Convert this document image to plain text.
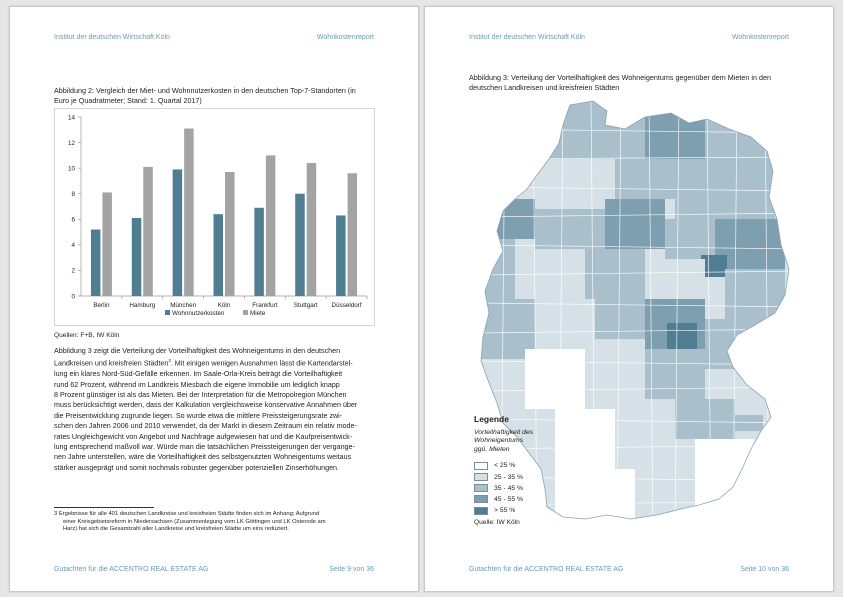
Institut der deutschen Wirtschaft Köln	Wohnkostenreport
Abbildung 2: Vergleich der Miet- und Wohnnutzerkosten in den deutschen Top-7-Standorten (in
Euro je Quadratmeter; Stand: 1. Quartal 2017)
0
2
4
6
8
10
12
14
Berlin	Hamburg München	Köln	Frankfurt	Stuttgart Düsseldorf
Wohnnutzerkosten	Miete
Quellen: F+B, IW Köln
Abbildung 3 zeigt die Verteilung der Vorteilhaftigkeit des Wohneigentums in den deutschen
Landkreisen und kreisfreien Städten$^3$. Mit einigen wenigen Ausnahmen lässt die Kartendarstel-
lung ein klares Nord-Süd-Gefälle erkennen. Im Saale-Orla-Kreis beträgt die Vorteilhaftigkeit
rund 62 Prozent, während im Landkreis Miesbach die eigene Immobilie um lediglich knapp
8 Prozent günstiger ist als das Mieten. Bei der Interpretation für die Metropolregion München
muss berücksichtigt werden, dass der Kalkulation vergleichsweise konservative Annahmen über
die Preisentwicklung zugrunde liegen. So wurde etwa die mittlere Preissteigerungsrate zwi-
schen den Jahren 2006 und 2010 verwendet, da der Markt in diesem Zeitraum ein relativ mode-
rates Ungleichgewicht von Angebot und Nachfrage aufgewiesen hat und die Kaufpreisentwick-
lung entsprechend maßvoll war. Würde man die tatsächlichen Preissteigerungen der vergange-
nen Jahre unterstellen, wäre die Vorteilhaftigkeit des selbstgenutzten Wohneigentums weitaus
stärker ausgeprägt und somit nochmals robuster gegenüber potenziellen Zinserhöhungen.
3 Ergebnisse für alle 401 deutschen Landkreise und kreisfreien Städte finden sich im Anhang; Aufgrund
einer Kreisgebietsreform in Niedersachsen (Zusammenlegung vom LK Göttingen und LK Osterode am
Harz) hat sich die Gesamtzahl aller Landkreise und kreisfreien Städte um eins reduziert.
Gutachten für die ACCENTRO REAL ESTATE AG	Seite 9 von 36
Institut der deutschen Wirtschaft Köln	Wohnkostenreport
Abbildung 3: Verteilung der Vorteilhaftigkeit des Wohneigentums gegenüber dem Mieten in den
deutschen Landkreisen und kreisfreien Städten
Legende
Vorteilhaftigkeit des
Wohneigentums
ggü. Mieten
< 25 %
25 - 35 %
35 - 45 %
45 - 55 %
> 55 %
Quelle: IW Köln
Gutachten für die ACCENTRO REAL ESTATE AG	Seite 10 von 36
